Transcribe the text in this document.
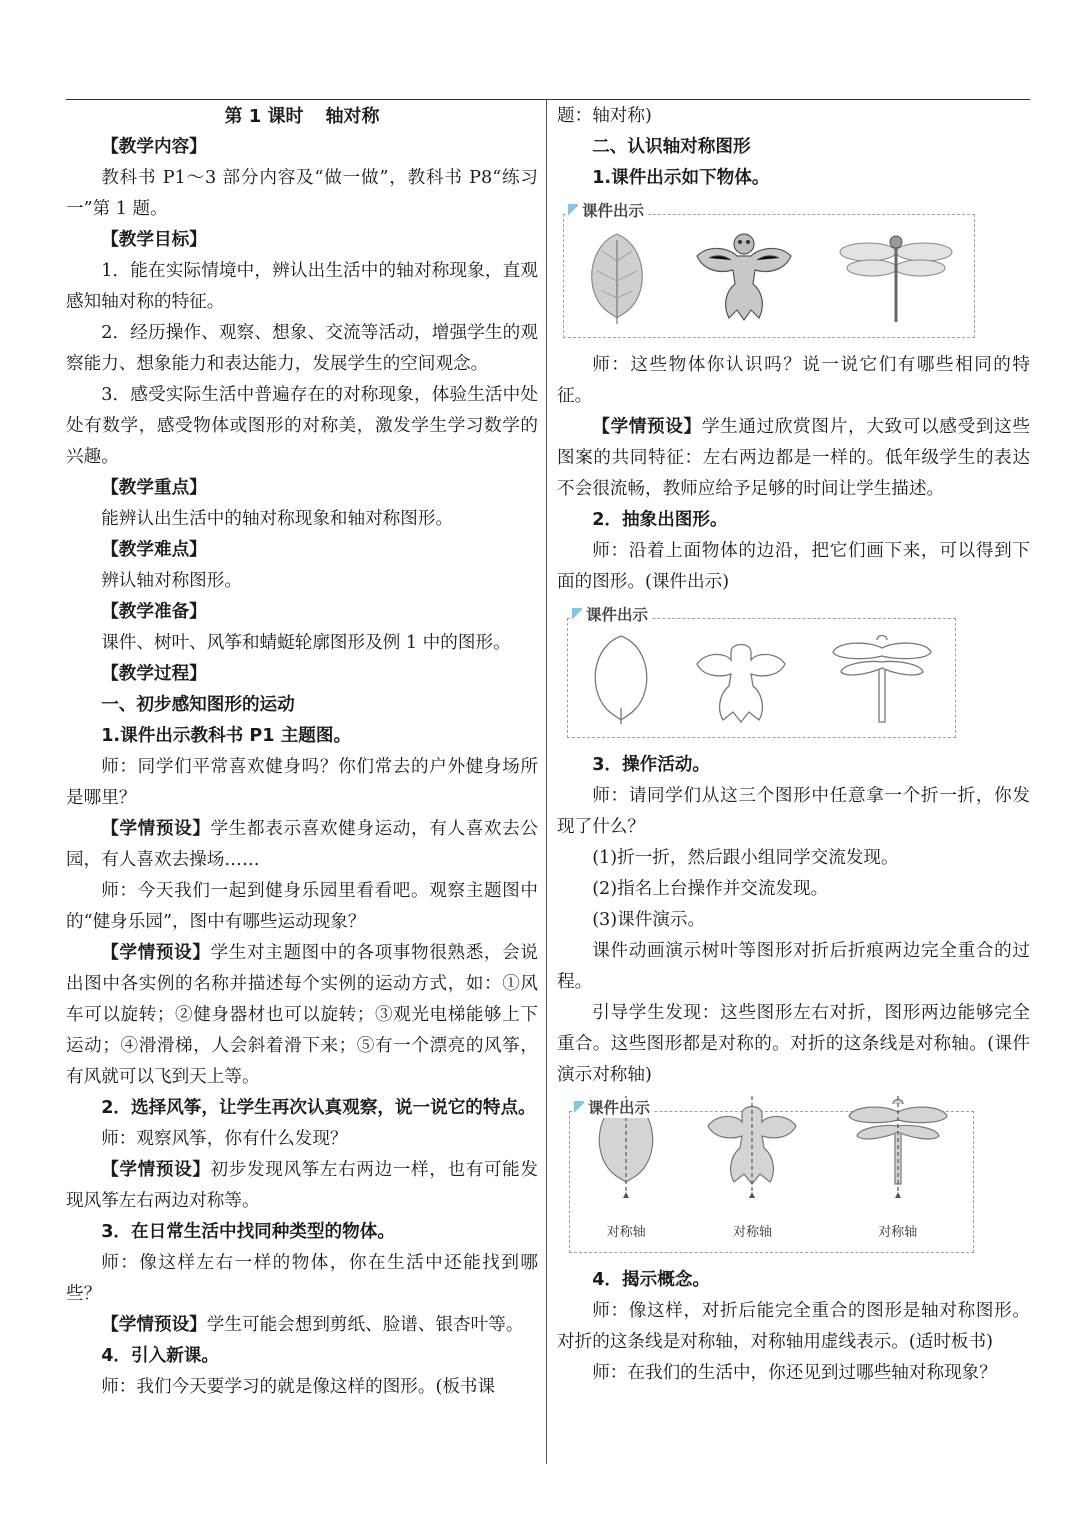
第 1 课时 轴对称

【教学内容】

教科书 P1～3 部分内容及“做一做”，教科书 P8“练习一”第 1 题。

【教学目标】

1．能在实际情境中，辨认出生活中的轴对称现象，直观感知轴对称的特征。

2．经历操作、观察、想象、交流等活动，增强学生的观察能力、想象能力和表达能力，发展学生的空间观念。

3．感受实际生活中普遍存在的对称现象，体验生活中处处有数学，感受物体或图形的对称美，激发学生学习数学的兴趣。

【教学重点】

能辨认出生活中的轴对称现象和轴对称图形。

【教学难点】

辨认轴对称图形。

【教学准备】

课件、树叶、风筝和蜻蜓轮廓图形及例 1 中的图形。

【教学过程】

一、初步感知图形的运动

1.课件出示教科书 P1 主题图。

师：同学们平常喜欢健身吗？你们常去的户外健身场所是哪里？

【学情预设】学生都表示喜欢健身运动，有人喜欢去公园，有人喜欢去操场……

师：今天我们一起到健身乐园里看看吧。观察主题图中的“健身乐园”，图中有哪些运动现象？

【学情预设】学生对主题图中的各项事物很熟悉，会说出图中各实例的名称并描述每个实例的运动方式，如：①风车可以旋转；②健身器材也可以旋转；③观光电梯能够上下运动；④滑滑梯，人会斜着滑下来；⑤有一个漂亮的风筝，有风就可以飞到天上等。

2．选择风筝，让学生再次认真观察，说一说它的特点。

师：观察风筝，你有什么发现？

【学情预设】初步发现风筝左右两边一样，也有可能发现风筝左右两边对称等。

3．在日常生活中找同种类型的物体。

师：像这样左右一样的物体，你在生活中还能找到哪些？

【学情预设】学生可能会想到剪纸、脸谱、银杏叶等。

4．引入新课。

师：我们今天要学习的就是像这样的图形。(板书课

题：轴对称)

二、认识轴对称图形

1.课件出示如下物体。

课件出示

师：这些物体你认识吗？说一说它们有哪些相同的特征。

【学情预设】学生通过欣赏图片，大致可以感受到这些图案的共同特征：左右两边都是一样的。低年级学生的表达不会很流畅，教师应给予足够的时间让学生描述。

2．抽象出图形。

师：沿着上面物体的边沿，把它们画下来，可以得到下面的图形。(课件出示)

课件出示

3．操作活动。

师：请同学们从这三个图形中任意拿一个折一折，你发现了什么？

(1)折一折，然后跟小组同学交流发现。

(2)指名上台操作并交流发现。

(3)课件演示。

课件动画演示树叶等图形对折后折痕两边完全重合的过程。

引导学生发现：这些图形左右对折，图形两边能够完全重合。这些图形都是对称的。对折的这条线是对称轴。(课件演示对称轴)

课件出示
对称轴	对称轴	对称轴

4．揭示概念。

师：像这样，对折后能完全重合的图形是轴对称图形。对折的这条线是对称轴，对称轴用虚线表示。(适时板书)

师：在我们的生活中，你还见到过哪些轴对称现象？
